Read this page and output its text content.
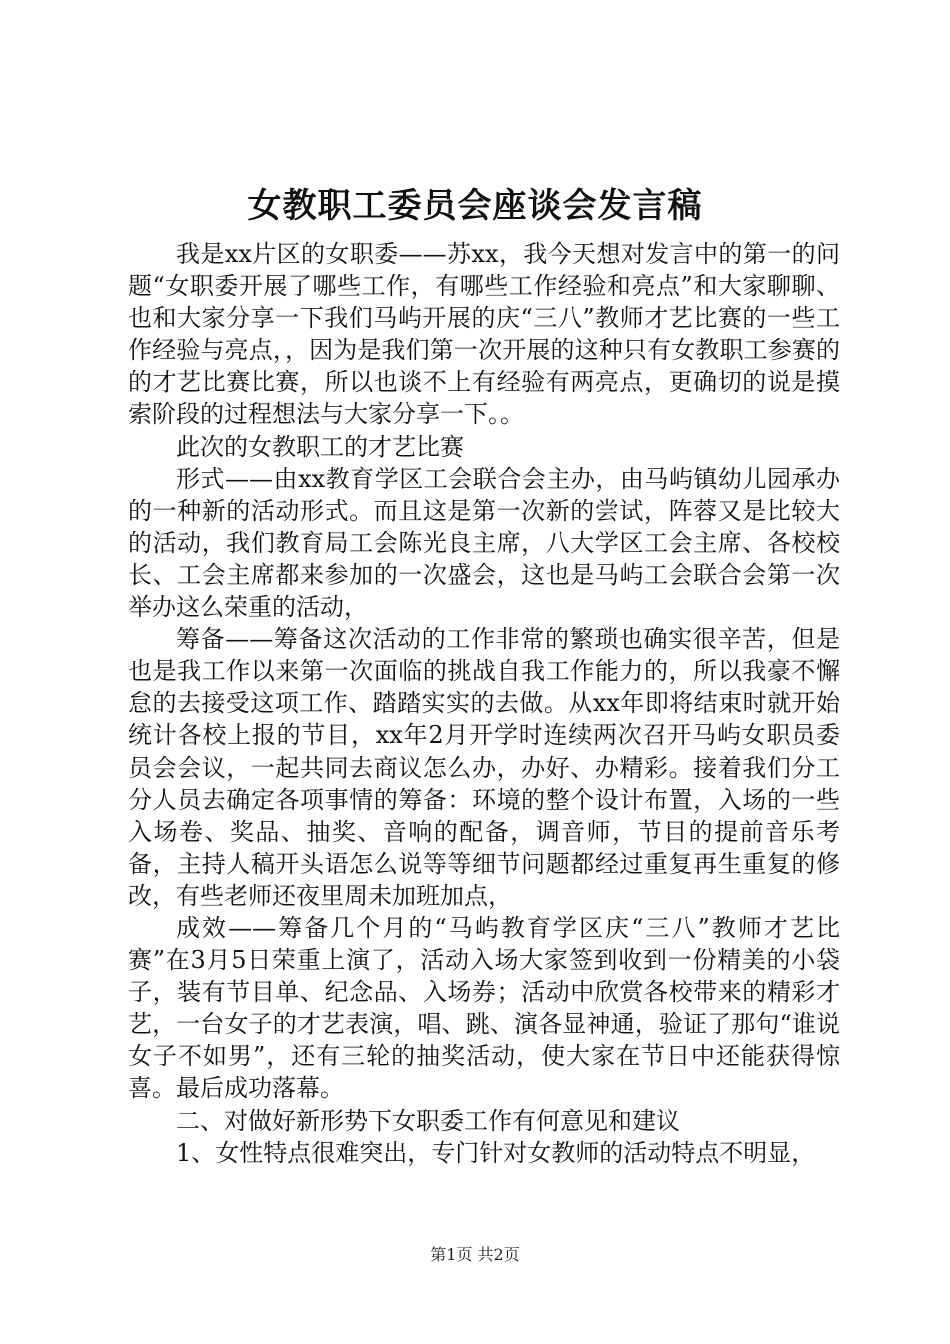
女教职工委员会座谈会发言稿

我是xx片区的女职委——苏xx，我今天想对发言中的第一的问题“女职委开展了哪些工作，有哪些工作经验和亮点”和大家聊聊、也和大家分享一下我们马屿开展的庆“三八”教师才艺比赛的一些工作经验与亮点，，因为是我们第一次开展的这种只有女教职工参赛的的才艺比赛比赛，所以也谈不上有经验有两亮点，更确切的说是摸索阶段的过程想法与大家分享一下。。

此次的女教职工的才艺比赛

形式——由xx教育学区工会联合会主办，由马屿镇幼儿园承办的一种新的活动形式。而且这是第一次新的尝试，阵蓉又是比较大的活动，我们教育局工会陈光良主席，八大学区工会主席、各校校长、工会主席都来参加的一次盛会，这也是马屿工会联合会第一次举办这么荣重的活动，

筹备——筹备这次活动的工作非常的繁琐也确实很辛苦，但是也是我工作以来第一次面临的挑战自我工作能力的，所以我豪不懈怠的去接受这项工作、踏踏实实的去做。从xx年即将结束时就开始统计各校上报的节目，xx年2月开学时连续两次召开马屿女职员委员会会议，一起共同去商议怎么办，办好、办精彩。接着我们分工分人员去确定各项事情的筹备：环境的整个设计布置，入场的一些入场卷、奖品、抽奖、音响的配备，调音师，节目的提前音乐考备，主持人稿开头语怎么说等等细节问题都经过重复再生重复的修改，有些老师还夜里周未加班加点，

成效——筹备几个月的“马屿教育学区庆“三八”教师才艺比赛”在3月5日荣重上演了，活动入场大家签到收到一份精美的小袋子，装有节目单、纪念品、入场券；活动中欣赏各校带来的精彩才艺，一台女子的才艺表演，唱、跳、演各显神通，验证了那句“谁说女子不如男”，还有三轮的抽奖活动，使大家在节日中还能获得惊喜。最后成功落幕。

二、对做好新形势下女职委工作有何意见和建议

1、女性特点很难突出，专门针对女教师的活动特点不明显，

第1页 共2页
